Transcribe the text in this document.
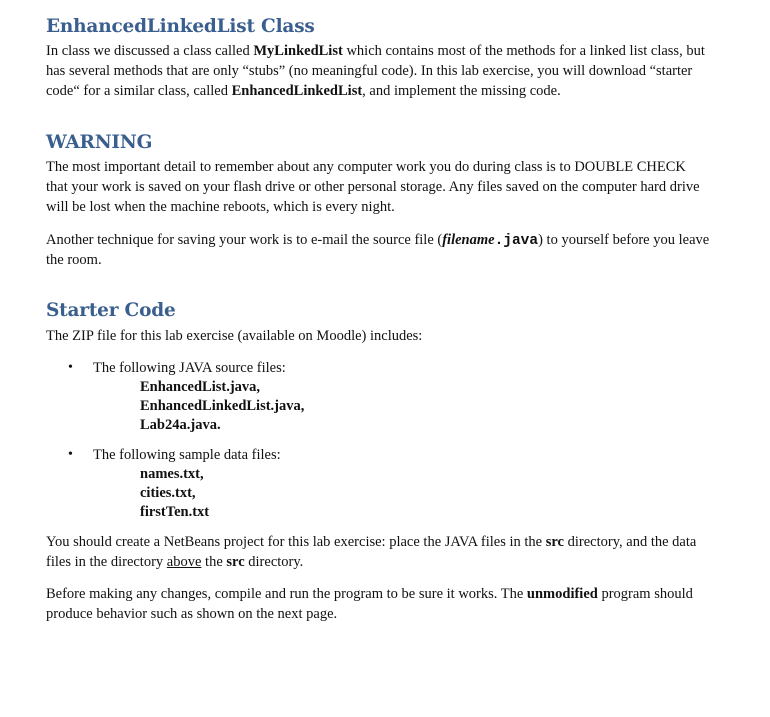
EnhancedLinkedList Class

In class we discussed a class called MyLinkedList which contains most of the methods for a linked list class, but

has several methods that are only “stubs” (no meaningful code). In this lab exercise, you will download “starter

code“ for a similar class, called EnhancedLinkedList, and implement the missing code.

WARNING

The most important detail to remember about any computer work you do during class is to DOUBLE CHECK

that your work is saved on your flash drive or other personal storage. Any files saved on the computer hard drive

will be lost when the machine reboots, which is every night.

Another technique for saving your work is to e-mail the source file (filename.java) to yourself before you leave

the room.

Starter Code

The ZIP file for this lab exercise (available on Moodle) includes:

• The following JAVA source files:
EnhancedList.java,
EnhancedLinkedList.java,
Lab24a.java.
• The following sample data files:
names.txt,
cities.txt,
firstTen.txt

You should create a NetBeans project for this lab exercise: place the JAVA files in the src directory, and the data

files in the directory above the src directory.

Before making any changes, compile and run the program to be sure it works. The unmodified program should

produce behavior such as shown on the next page.
